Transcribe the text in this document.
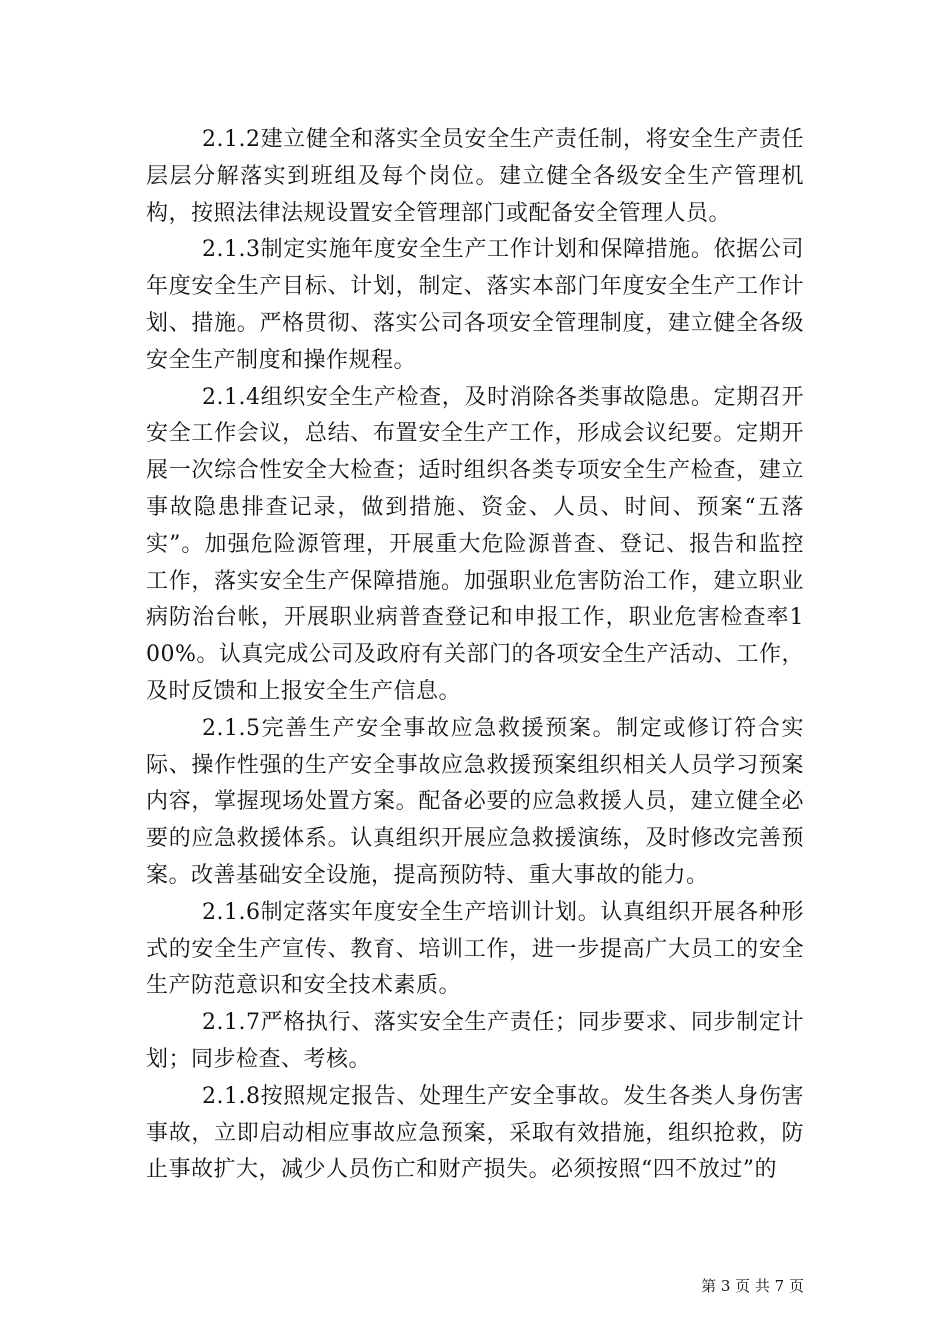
2.1.2建立健全和落实全员安全生产责任制，将安全生产责任层层分解落实到班组及每个岗位。建立健全各级安全生产管理机构，按照法律法规设置安全管理部门或配备安全管理人员。

2.1.3制定实施年度安全生产工作计划和保障措施。依据公司年度安全生产目标、计划，制定、落实本部门年度安全生产工作计划、措施。严格贯彻、落实公司各项安全管理制度，建立健全各级安全生产制度和操作规程。

2.1.4组织安全生产检查，及时消除各类事故隐患。定期召开安全工作会议，总结、布置安全生产工作，形成会议纪要。定期开展一次综合性安全大检查；适时组织各类专项安全生产检查，建立事故隐患排查记录，做到措施、资金、人员、时间、预案“五落实”。加强危险源管理，开展重大危险源普查、登记、报告和监控工作，落实安全生产保障措施。加强职业危害防治工作，建立职业病防治台帐，开展职业病普查登记和申报工作，职业危害检查率100%。认真完成公司及政府有关部门的各项安全生产活动、工作，及时反馈和上报安全生产信息。

2.1.5完善生产安全事故应急救援预案。制定或修订符合实际、操作性强的生产安全事故应急救援预案组织相关人员学习预案内容，掌握现场处置方案。配备必要的应急救援人员，建立健全必要的应急救援体系。认真组织开展应急救援演练，及时修改完善预案。改善基础安全设施，提高预防特、重大事故的能力。

2.1.6制定落实年度安全生产培训计划。认真组织开展各种形式的安全生产宣传、教育、培训工作，进一步提高广大员工的安全生产防范意识和安全技术素质。

2.1.7严格执行、落实安全生产责任；同步要求、同步制定计划；同步检查、考核。

2.1.8按照规定报告、处理生产安全事故。发生各类人身伤害事故，立即启动相应事故应急预案，采取有效措施，组织抢救，防止事故扩大，减少人员伤亡和财产损失。必须按照“四不放过”的

第 3 页 共 7 页
